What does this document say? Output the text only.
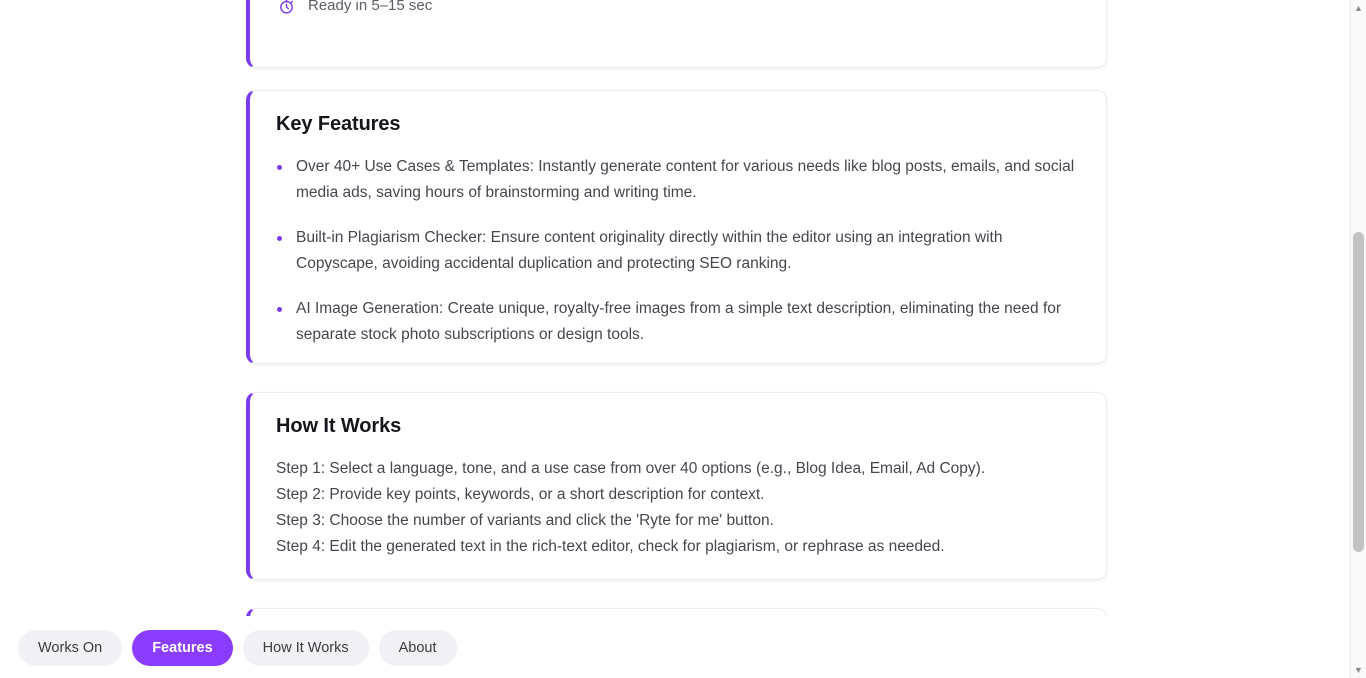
Ready in 5–15 sec
Key Features
Over 40+ Use Cases & Templates: Instantly generate content for various needs like blog posts, emails, and social media ads, saving hours of brainstorming and writing time.
Built-in Plagiarism Checker: Ensure content originality directly within the editor using an integration with Copyscape, avoiding accidental duplication and protecting SEO ranking.
AI Image Generation: Create unique, royalty-free images from a simple text description, eliminating the need for separate stock photo subscriptions or design tools.
How It Works

Step 1: Select a language, tone, and a use case from over 40 options (e.g., Blog Idea, Email, Ad Copy).

Step 2: Provide key points, keywords, or a short description for context.

Step 3: Choose the number of variants and click the 'Ryte for me' button.

Step 4: Edit the generated text in the rich-text editor, check for plagiarism, or rephrase as needed.

Works On	Features	How It Works	About
▲
▼
